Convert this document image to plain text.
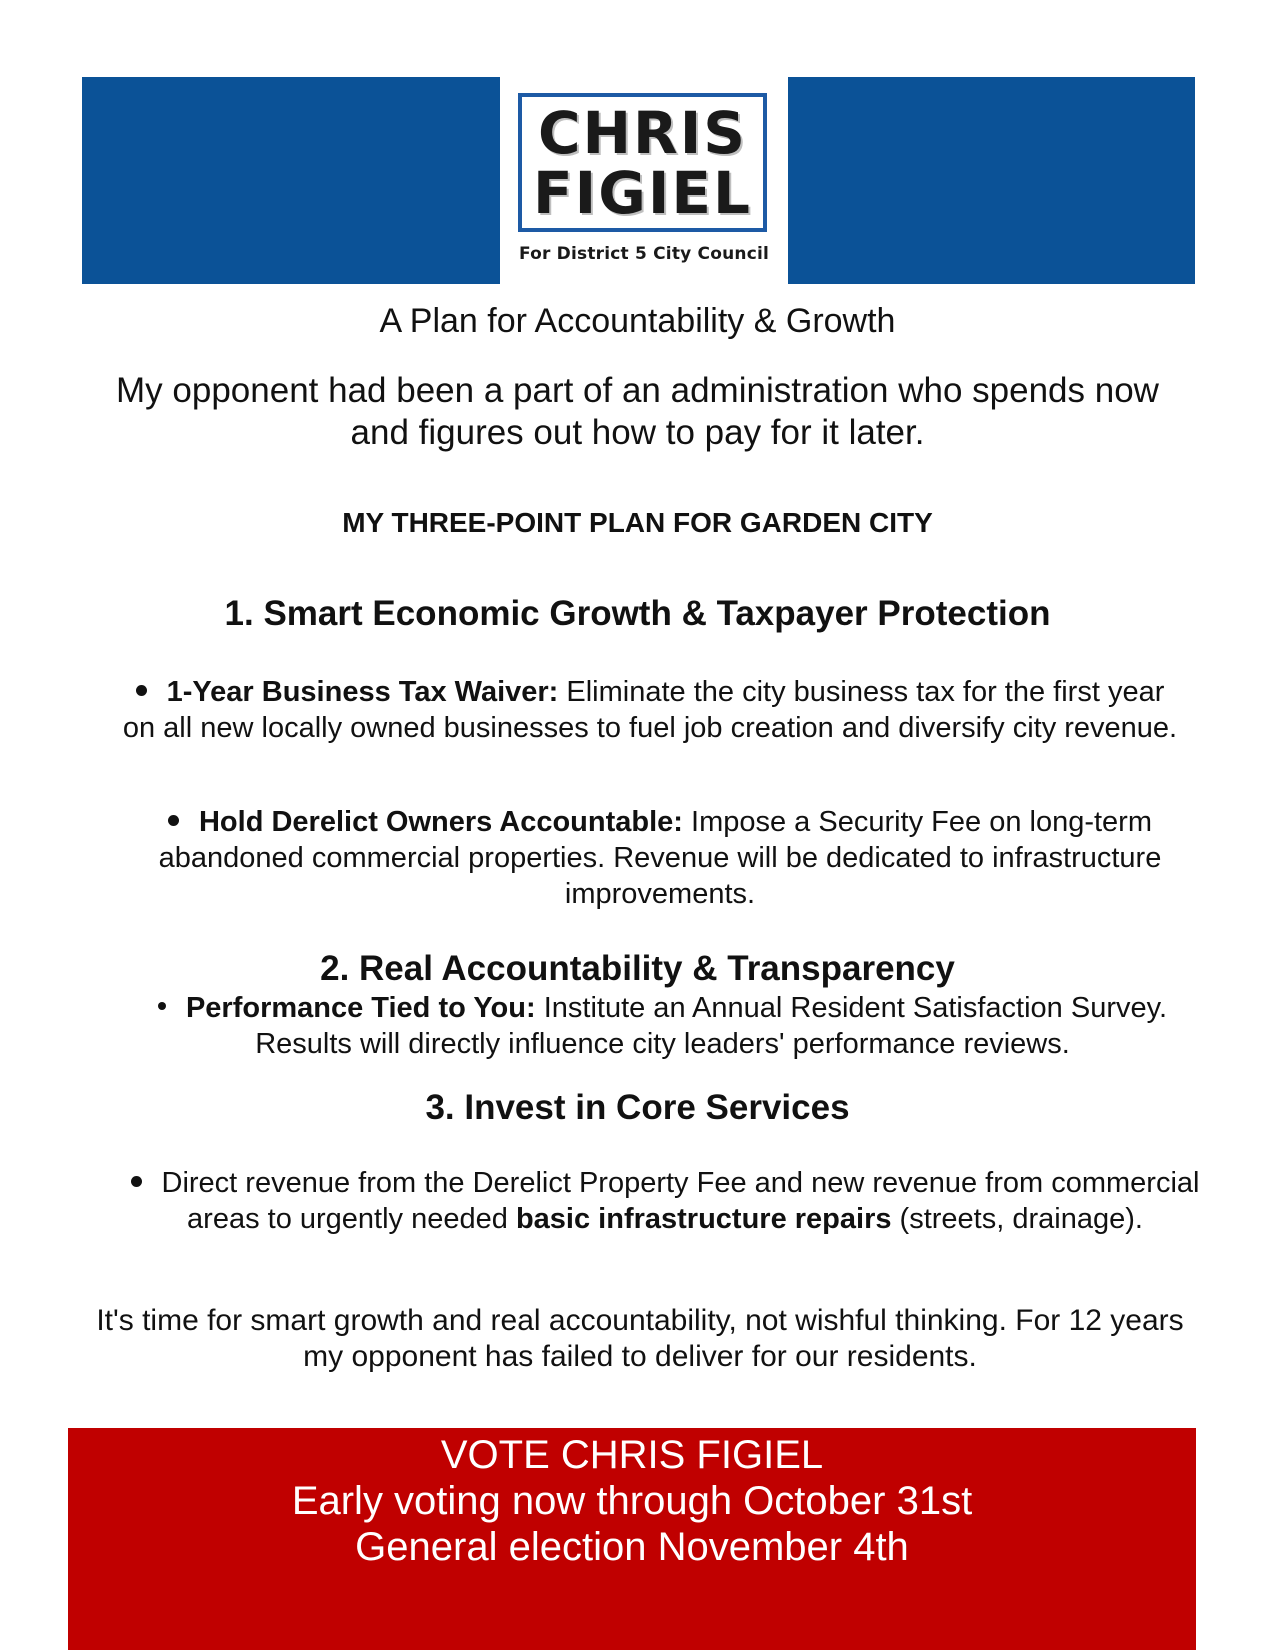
CHRIS
FIGIEL
For District 5 City Council
A Plan for Accountability & Growth
My opponent had been a part of an administration who spends now and figures out how to pay for it later.
MY THREE-POINT PLAN FOR GARDEN CITY
1. Smart Economic Growth & Taxpayer Protection
1-Year Business Tax Waiver: Eliminate the city business tax for the first year on all new locally owned businesses to fuel job creation and diversify city revenue.
Hold Derelict Owners Accountable: Impose a Security Fee on long-term abandoned commercial properties. Revenue will be dedicated to infrastructure improvements.
2. Real Accountability & Transparency
Performance Tied to You: Institute an Annual Resident Satisfaction Survey. Results will directly influence city leaders' performance reviews.
3. Invest in Core Services
Direct revenue from the Derelict Property Fee and new revenue from commercial areas to urgently needed basic infrastructure repairs (streets, drainage).
It's time for smart growth and real accountability, not wishful thinking. For 12 years my opponent has failed to deliver for our residents.
VOTE CHRIS FIGIEL
Early voting now through October 31st
General election November 4th
